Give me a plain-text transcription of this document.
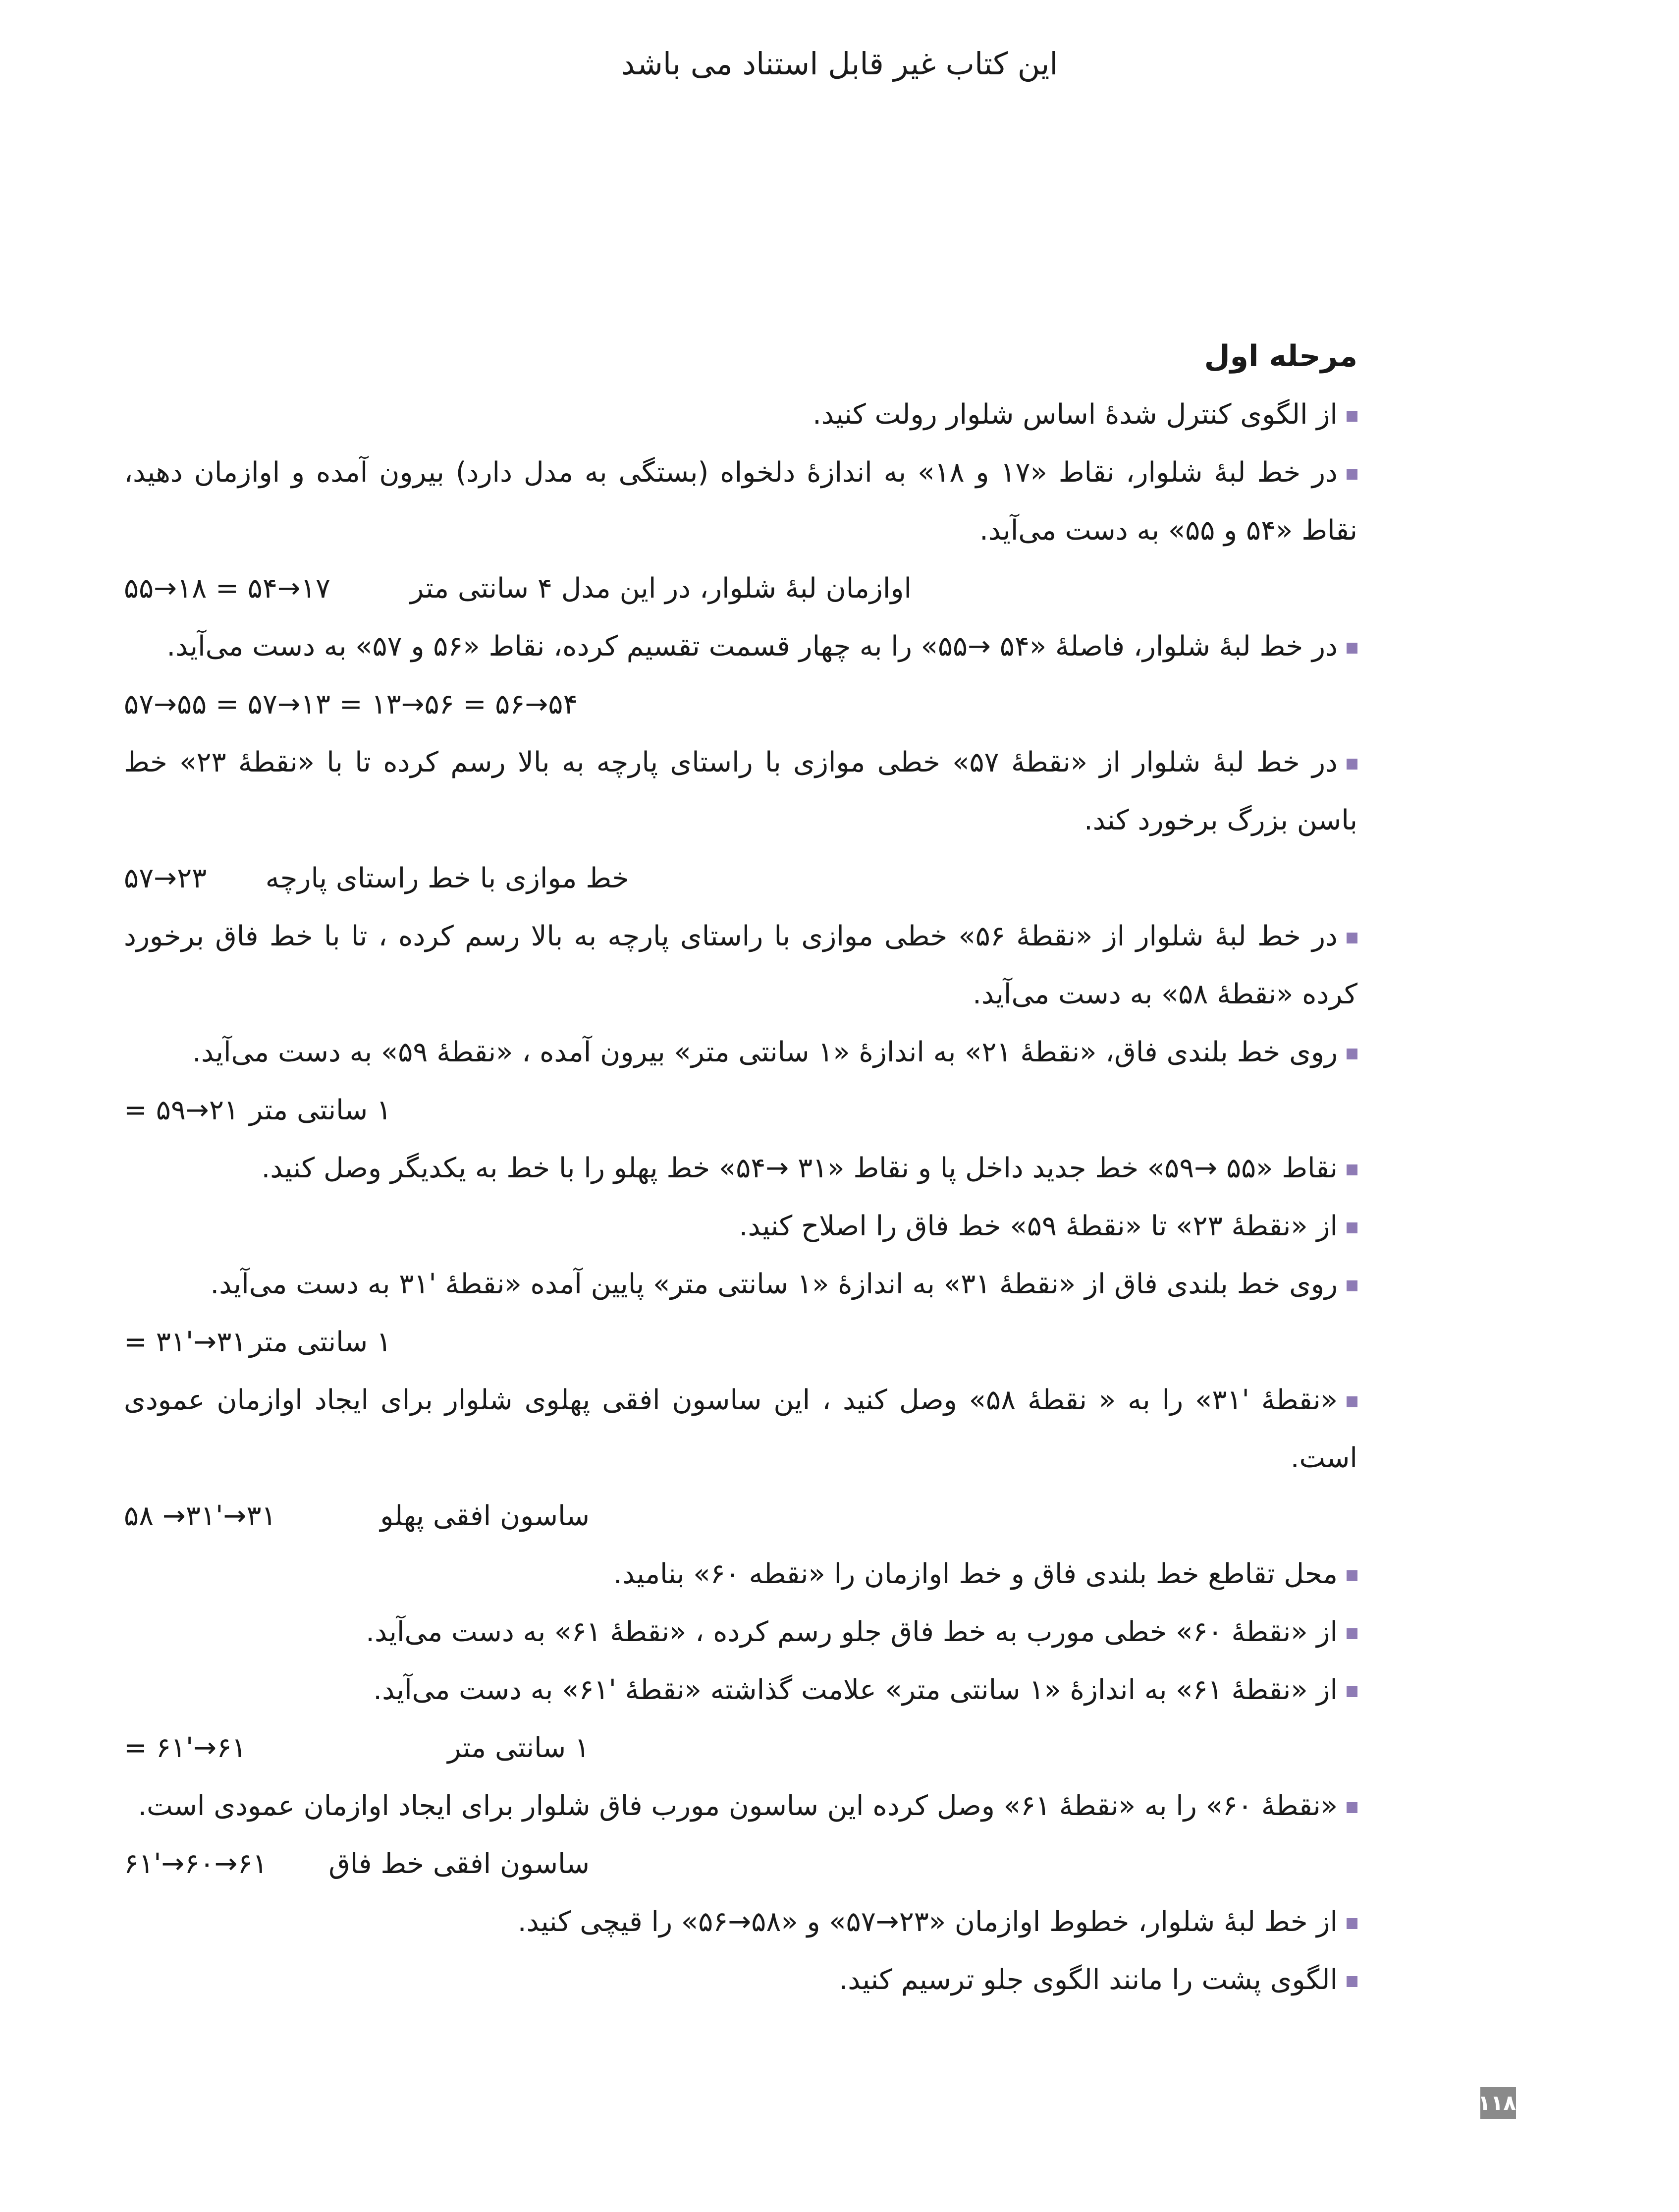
این کتاب غیر قابل استناد می باشد
مرحله اول
از الگوی کنترل شدهٔ اساس شلوار رولت کنید.
در خط لبهٔ شلوار، نقاط «۱۷ و ۱۸» به اندازهٔ دلخواه (بستگی به مدل دارد) بیرون آمده و اوازمان دهید، نقاط «۵۴ و ۵۵» به دست می‌آید.
اوازمان لبهٔ شلوار، در این مدل ۴ سانتی متر
۱۷→۵۴ = ۱۸→۵۵
در خط لبهٔ شلوار، فاصلهٔ «۵۴ →۵۵» را به چهار قسمت تقسیم کرده، نقاط «۵۶ و ۵۷» به دست می‌آید.
۵۴→۵۶ = ۵۶→۱۳ = ۱۳→۵۷ = ۵۵→۵۷
در خط لبهٔ شلوار از «نقطهٔ ۵۷» خطی موازی با راستای پارچه به بالا رسم کرده تا با «نقطهٔ ۲۳» خط باسن بزرگ برخورد کند.
خط موازی با خط راستای پارچه
۲۳→۵۷
در خط لبهٔ شلوار از «نقطهٔ ۵۶» خطی موازی با راستای پارچه به بالا رسم کرده ، تا با خط فاق برخورد کرده «نقطهٔ ۵۸» به دست می‌آید.
روی خط بلندی فاق، «نقطهٔ ۲۱» به اندازهٔ «۱ سانتی متر» بیرون آمده ، «نقطهٔ ۵۹» به دست می‌آید.
۱ سانتی متر
۲۱→۵۹ =
نقاط «۵۵ →۵۹» خط جدید داخل پا و نقاط «۳۱ →۵۴» خط پهلو را با خط به یکدیگر وصل کنید.
از «نقطهٔ ۲۳» تا «نقطهٔ ۵۹» خط فاق را اصلاح کنید.
روی خط بلندی فاق از «نقطهٔ ۳۱» به اندازهٔ «۱ سانتی متر» پایین آمده «نقطهٔ '۳۱ به دست می‌آید.
۱ سانتی متر
۳۱→'۳۱ =
«نقطهٔ '۳۱» را به « نقطهٔ ۵۸» وصل کنید ، این ساسون افقی پهلوی شلوار برای ایجاد اوازمان عمودی است.
ساسون افقی پهلو
۳۱→'۳۱→ ۵۸
محل تقاطع خط بلندی فاق و خط اوازمان را «نقطه ۶۰» بنامید.
از «نقطهٔ ۶۰» خطی مورب به خط فاق جلو رسم کرده ، «نقطهٔ ۶۱» به دست می‌آید.
از «نقطهٔ ۶۱» به اندازهٔ «۱ سانتی متر» علامت گذاشته «نقطهٔ '۶۱» به دست می‌آید.
۱ سانتی متر
۶۱→'۶۱ =
«نقطهٔ ۶۰» را به «نقطهٔ ۶۱» وصل کرده این ساسون مورب فاق شلوار برای ایجاد اوازمان عمودی است.
ساسون افقی خط فاق
۶۱→۶۰→'۶۱
از خط لبهٔ شلوار، خطوط اوازمان «۲۳→۵۷» و «۵۸→۵۶» را قیچی کنید.
الگوی پشت را مانند الگوی جلو ترسیم کنید.
۱۱۸
